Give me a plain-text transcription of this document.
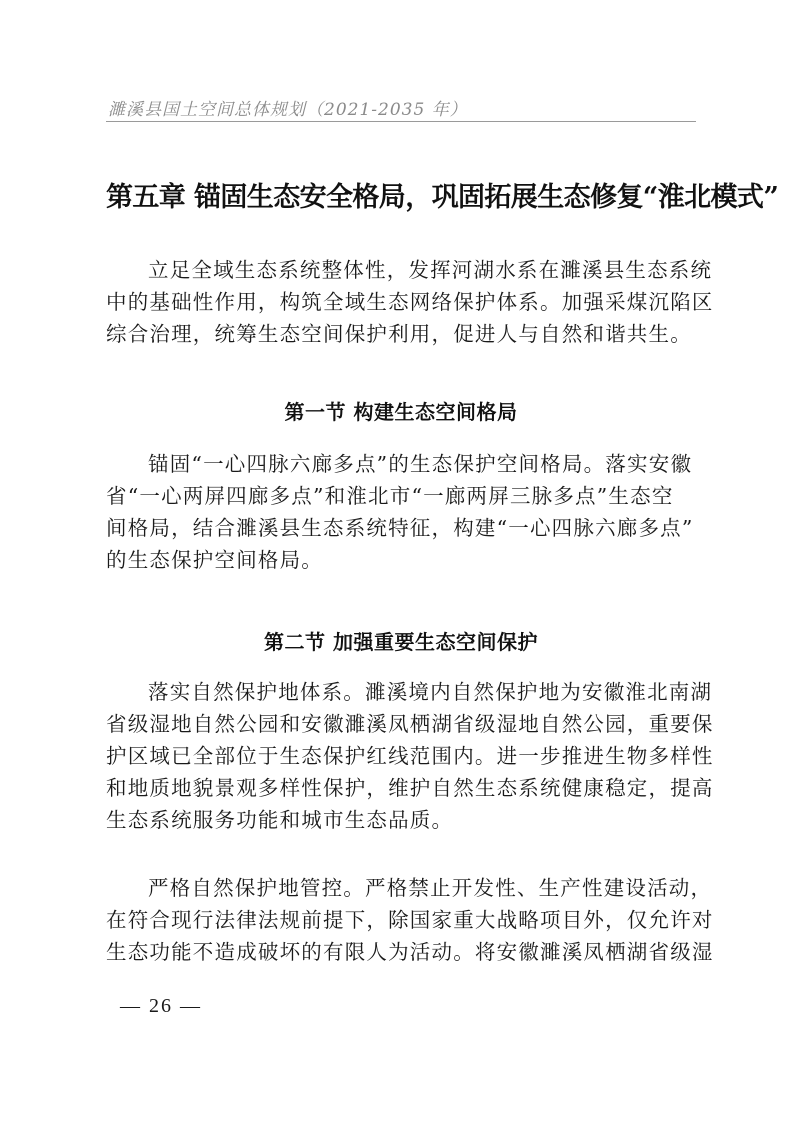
濉溪县国土空间总体规划（2021-2035 年）
第五章 锚固生态安全格局，巩固拓展生态修复“淮北模式”
立足全域生态系统整体性，发挥河湖水系在濉溪县生态系统
中的基础性作用，构筑全域生态网络保护体系。加强采煤沉陷区
综合治理，统筹生态空间保护利用，促进人与自然和谐共生。
第一节 构建生态空间格局
锚固“一心四脉六廊多点”的生态保护空间格局。落实安徽
省“一心两屏四廊多点”和淮北市“一廊两屏三脉多点”生态空
间格局，结合濉溪县生态系统特征，构建“一心四脉六廊多点”
的生态保护空间格局。
第二节 加强重要生态空间保护
落实自然保护地体系。濉溪境内自然保护地为安徽淮北南湖
省级湿地自然公园和安徽濉溪凤栖湖省级湿地自然公园，重要保
护区域已全部位于生态保护红线范围内。进一步推进生物多样性
和地质地貌景观多样性保护，维护自然生态系统健康稳定，提高
生态系统服务功能和城市生态品质。
严格自然保护地管控。严格禁止开发性、生产性建设活动，
在符合现行法律法规前提下，除国家重大战略项目外，仅允许对
生态功能不造成破坏的有限人为活动。将安徽濉溪凤栖湖省级湿
— 26 —
